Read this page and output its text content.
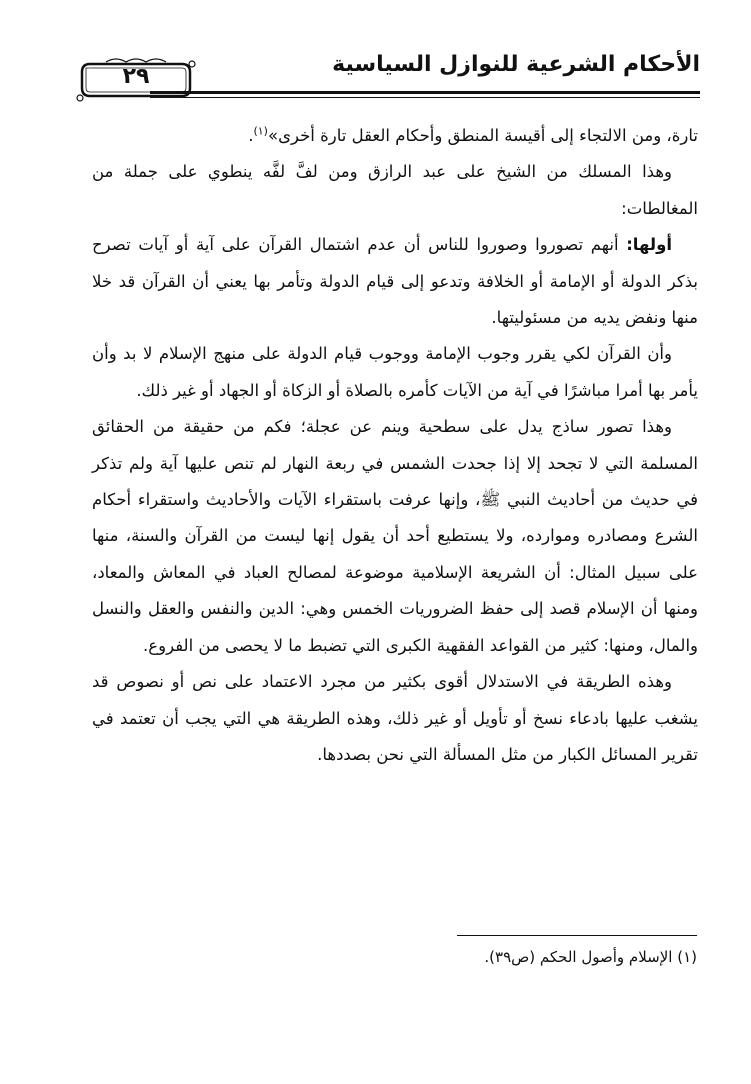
٢٩	الأحكام الشرعية للنوازل السياسية

تارة، ومن الالتجاء إلى أقيسة المنطق وأحكام العقل تارة أخرى»$^{(١)}$.

وهذا المسلك من الشيخ على عبد الرازق ومن لفَّ لفَّه ينطوي على جملة من المغالطات:

أولها: أنهم تصوروا وصوروا للناس أن عدم اشتمال القرآن على آية أو آيات تصرح بذكر الدولة أو الإمامة أو الخلافة وتدعو إلى قيام الدولة وتأمر بها يعني أن القرآن قد خلا منها ونفض يديه من مسئوليتها.

وأن القرآن لكي يقرر وجوب الإمامة ووجوب قيام الدولة على منهج الإسلام لا بد وأن يأمر بها أمرا مباشرًا في آية من الآيات كأمره بالصلاة أو الزكاة أو الجهاد أو غير ذلك.

وهذا تصور ساذج يدل على سطحية وينم عن عجلة؛ فكم من حقيقة من الحقائق المسلمة التي لا تجحد إلا إذا جحدت الشمس في ربعة النهار لم تنص عليها آية ولم تذكر في حديث من أحاديث النبي ﷺ، وإنها عرفت باستقراء الآيات والأحاديث واستقراء أحكام الشرع ومصادره وموارده، ولا يستطيع أحد أن يقول إنها ليست من القرآن والسنة، منها على سبيل المثال: أن الشريعة الإسلامية موضوعة لمصالح العباد في المعاش والمعاد، ومنها أن الإسلام قصد إلى حفظ الضروريات الخمس وهي: الدين والنفس والعقل والنسل والمال، ومنها: كثير من القواعد الفقهية الكبرى التي تضبط ما لا يحصى من الفروع.

وهذه الطريقة في الاستدلال أقوى بكثير من مجرد الاعتماد على نص أو نصوص قد يشغب عليها بادعاء نسخ أو تأويل أو غير ذلك، وهذه الطريقة هي التي يجب أن تعتمد في تقرير المسائل الكبار من مثل المسألة التي نحن بصددها.

(١) الإسلام وأصول الحكم (ص٣٩).
